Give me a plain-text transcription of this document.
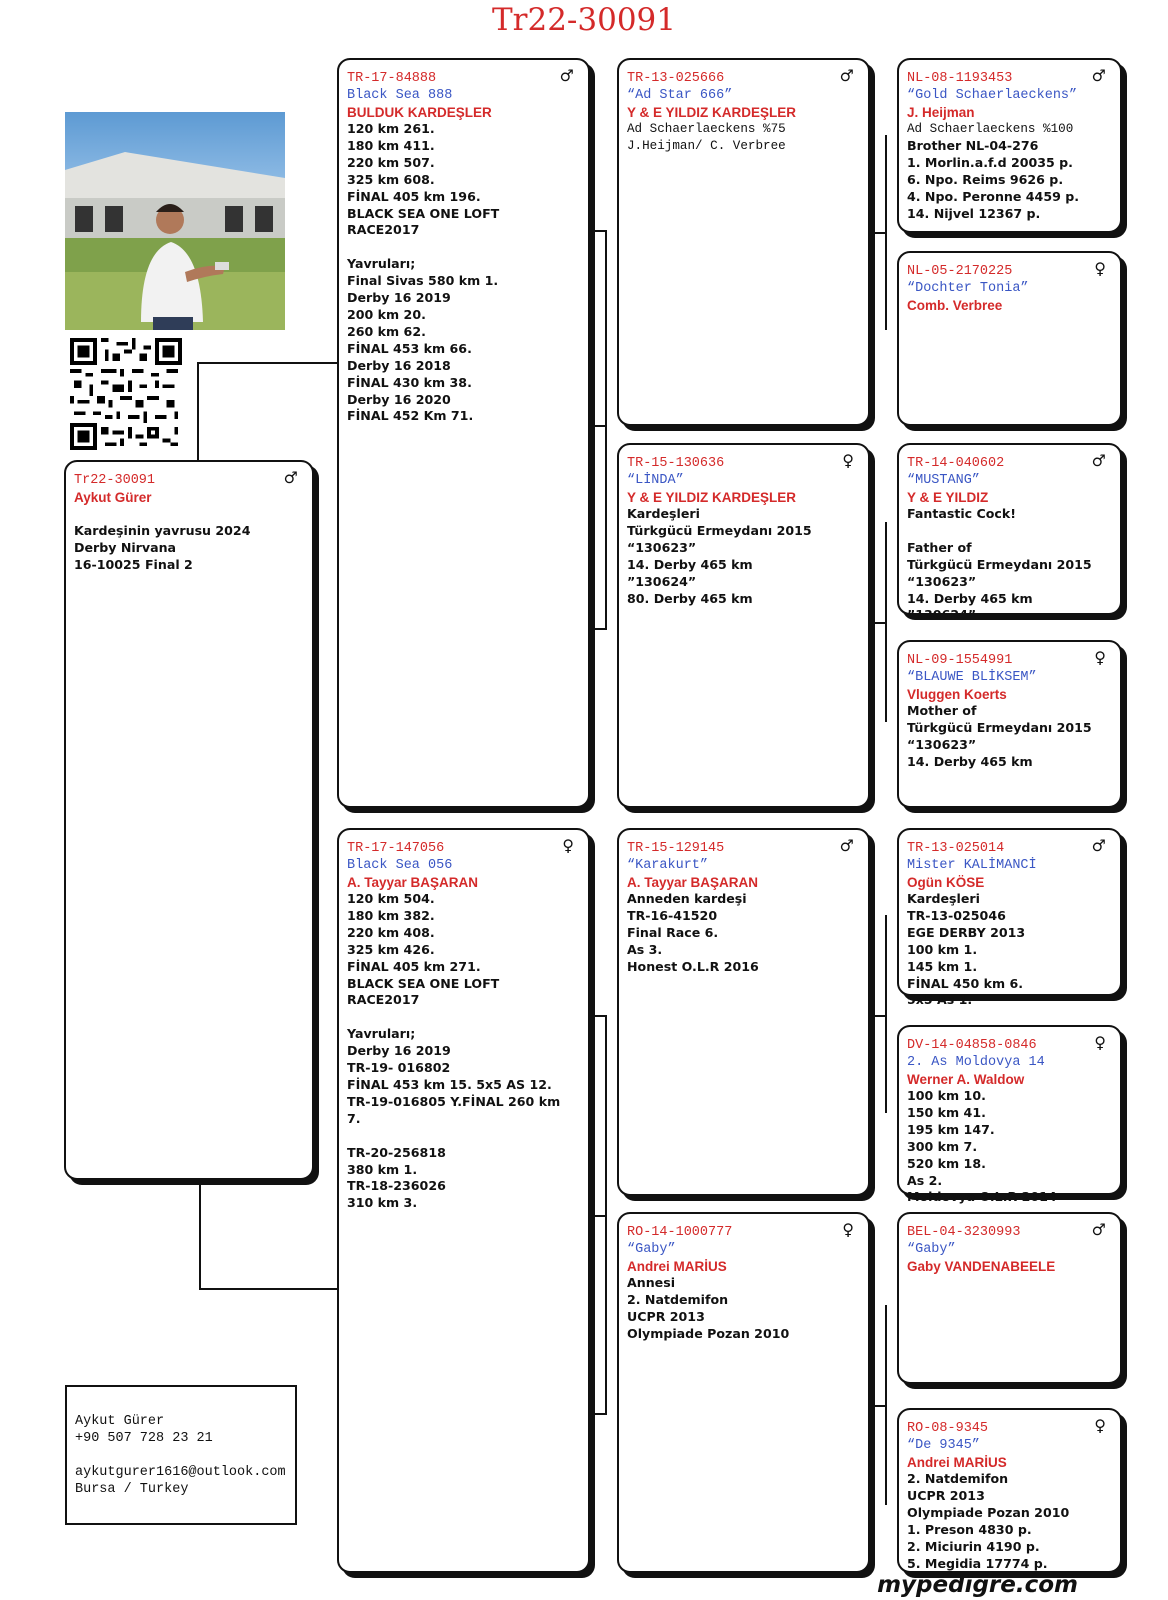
Tr22-30091
♂
Tr22-30091
Aykut Gürer

Kardeşinin yavrusu 2024
Derby Nirvana
16-10025 Final 2
♂
TR-17-84888
Black Sea 888
BULDUK KARDEŞLER
120 km 261.
180 km 411.
220 km 507.
325 km 608.
FİNAL 405 km 196.
BLACK SEA ONE LOFT
RACE2017

Yavruları;
Final Sivas 580 km 1.
Derby 16 2019
200 km 20.
260 km 62.
FİNAL 453 km 66.
Derby 16 2018
FİNAL 430 km 38.
Derby 16 2020
FİNAL 452 Km 71.
♀
TR-17-147056
Black Sea 056
A. Tayyar BAŞARAN
120 km 504.
180 km 382.
220 km 408.
325 km 426.
FİNAL 405 km 271.
BLACK SEA ONE LOFT
RACE2017

Yavruları;
Derby 16 2019
TR-19- 016802
FİNAL 453 km 15. 5x5 AS 12.
TR-19-016805 Y.FİNAL 260 km
7.

TR-20-256818
380 km 1.
TR-18-236026
310 km 3.
♂
TR-13-025666
“Ad Star 666”
Y & E YILDIZ KARDEŞLER
Ad Schaerlaeckens %75
J.Heijman/ C. Verbree
♀
TR-15-130636
“LİNDA”
Y & E YILDIZ KARDEŞLER
Kardeşleri
Türkgücü Ermeydanı 2015
“130623”
14. Derby 465 km
”130624”
80. Derby 465 km
♂
TR-15-129145
“Karakurt”
A. Tayyar BAŞARAN
Anneden kardeşi
TR-16-41520
Final Race 6.
As 3.
Honest O.L.R 2016
♀
RO-14-1000777
“Gaby”
Andrei MARİUS
Annesi
2. Natdemifon
UCPR 2013
Olympiade Pozan 2010
♂
NL-08-1193453
“Gold Schaerlaeckens”
J. Heijman
Ad Schaerlaeckens %100
Brother NL-04-276
1. Morlin.a.f.d 20035 p.
6. Npo. Reims 9626 p.
4. Npo. Peronne 4459 p.
14. Nijvel 12367 p.
♀
NL-05-2170225
“Dochter Tonia”
Comb. Verbree
♂
TR-14-040602
“MUSTANG”
Y & E YILDIZ
Fantastic Cock!

Father of
Türkgücü Ermeydanı 2015
“130623”
14. Derby 465 km
”130624”
♀
NL-09-1554991
“BLAUWE BLİKSEM”
Vluggen Koerts
Mother of
Türkgücü Ermeydanı 2015
“130623”
14. Derby 465 km
♂
TR-13-025014
Mister KALİMANCİ
Ogün KÖSE
Kardeşleri
TR-13-025046
EGE DERBY 2013
100 km 1.
145 km 1.
FİNAL 450 km 6.
5x5 As 1.
♀
DV-14-04858-0846
2. As Moldovya 14
Werner A. Waldow
100 km 10.
150 km 41.
195 km 147.
300 km 7.
520 km 18.
As 2.
Moldovya O.L.R 2014
♂
BEL-04-3230993
“Gaby”
Gaby VANDENABEELE
♀
RO-08-9345
“De 9345”
Andrei MARİUS
2. Natdemifon
UCPR 2013
Olympiade Pozan 2010
1. Preson 4830 p.
2. Miciurin 4190 p.
5. Megidia 17774 p.
Aykut Gürer
+90 507 728 23 21

aykutgurer1616@outlook.com
Bursa / Turkey
mypedigre.com
